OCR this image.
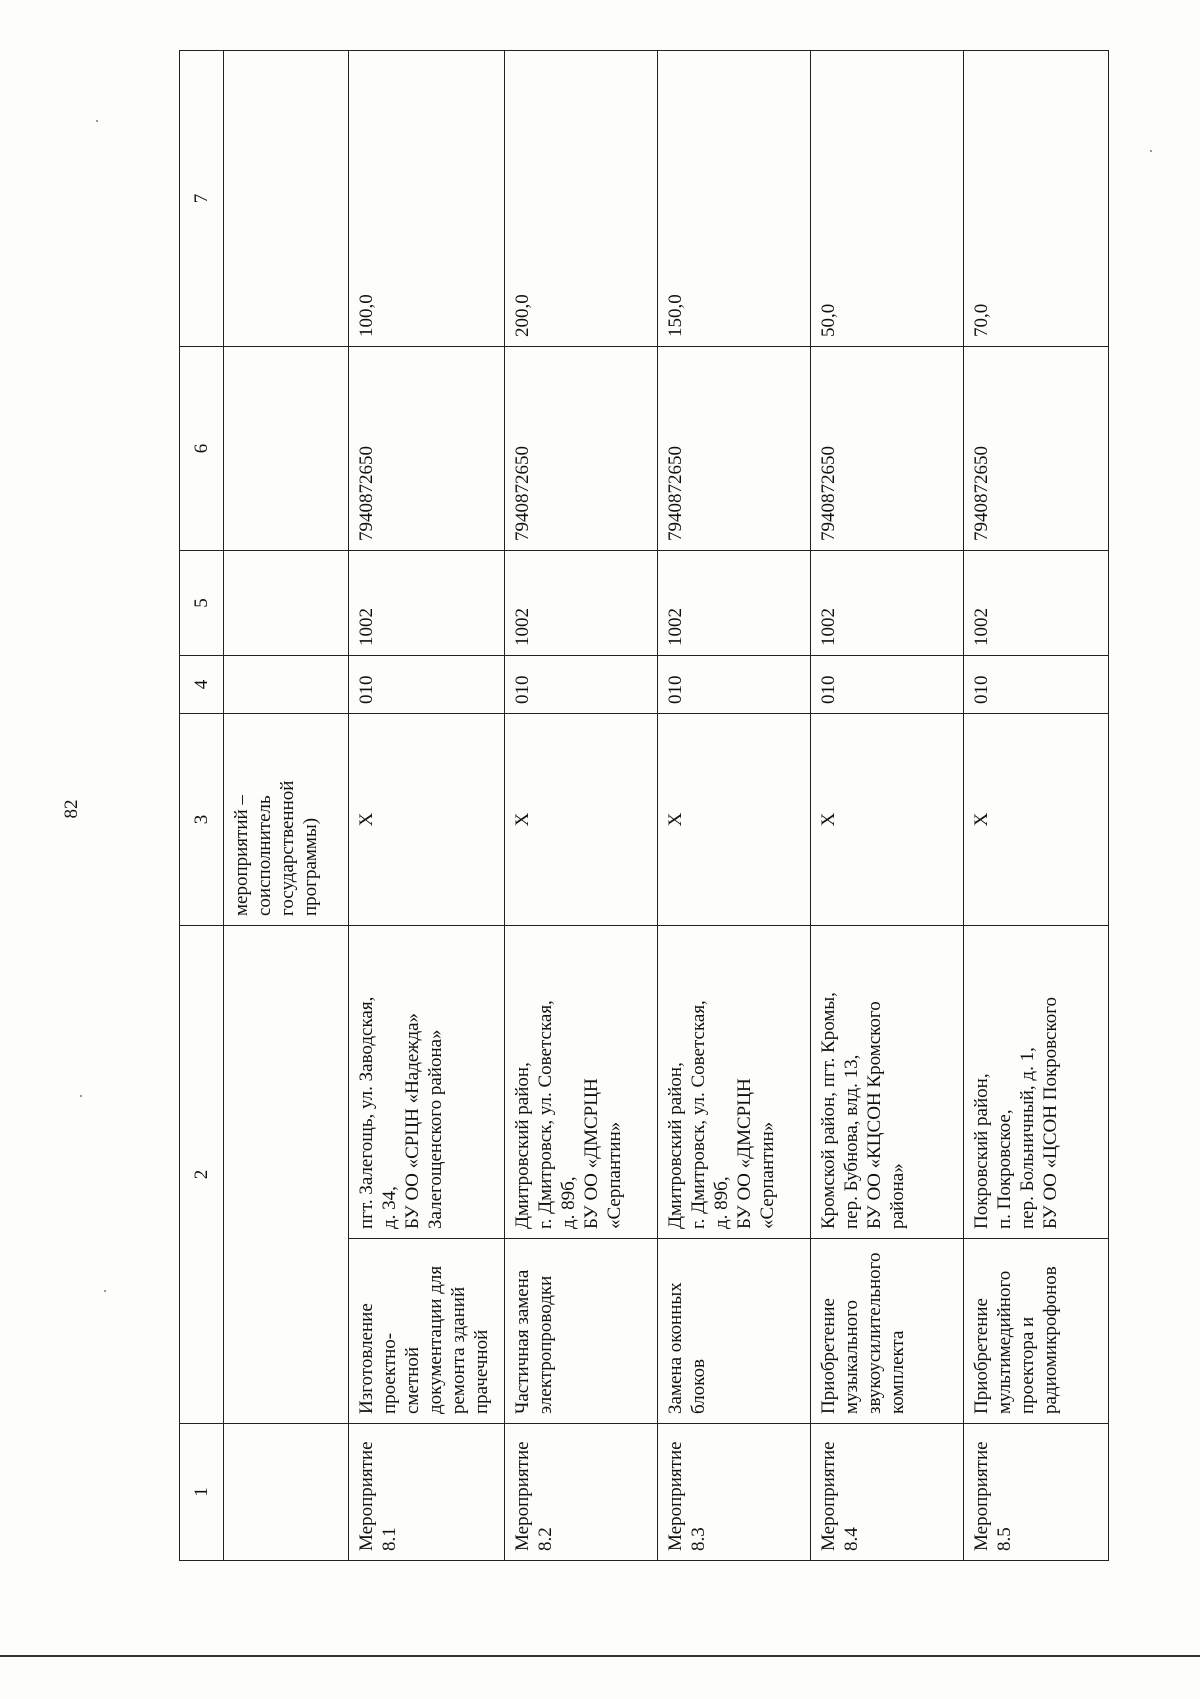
82
1	2		3	4	5	6	7
			мероприятий –
соисполнитель
государственной
программы)				
Мероприятие
8.1	Изготовление проектно-
сметной документации для
ремонта зданий прачечной	пгт. Залегощь, ул. Заводская,
д. 34,
БУ ОО «СРЦН «Надежда»
Залегощенского района»	X	010	1002	7940872650	100,0
Мероприятие
8.2	Частичная замена
электропроводки	Дмитровский район,
г. Дмитровск, ул. Советская,
д. 89б,
БУ ОО «ДМСРЦН
«Серпантин»	X	010	1002	7940872650	200,0
Мероприятие
8.3	Замена оконных блоков	Дмитровский район,
г. Дмитровск, ул. Советская,
д. 89б,
БУ ОО «ДМСРЦН
«Серпантин»	X	010	1002	7940872650	150,0
Мероприятие
8.4	Приобретение
музыкального
звукоусилительного
комплекта	Кромской район, пгт. Кромы,
пер. Бубнова, влд. 13,
БУ ОО «КЦСОН Кромского
района»	X	010	1002	7940872650	50,0
Мероприятие
8.5	Приобретение
мультимедийного
проектора и
радиомикрофонов	Покровский район,
п. Покровское,
пер. Больничный, д. 1,
БУ ОО «ЦСОН Покровского	X	010	1002	7940872650	70,0
